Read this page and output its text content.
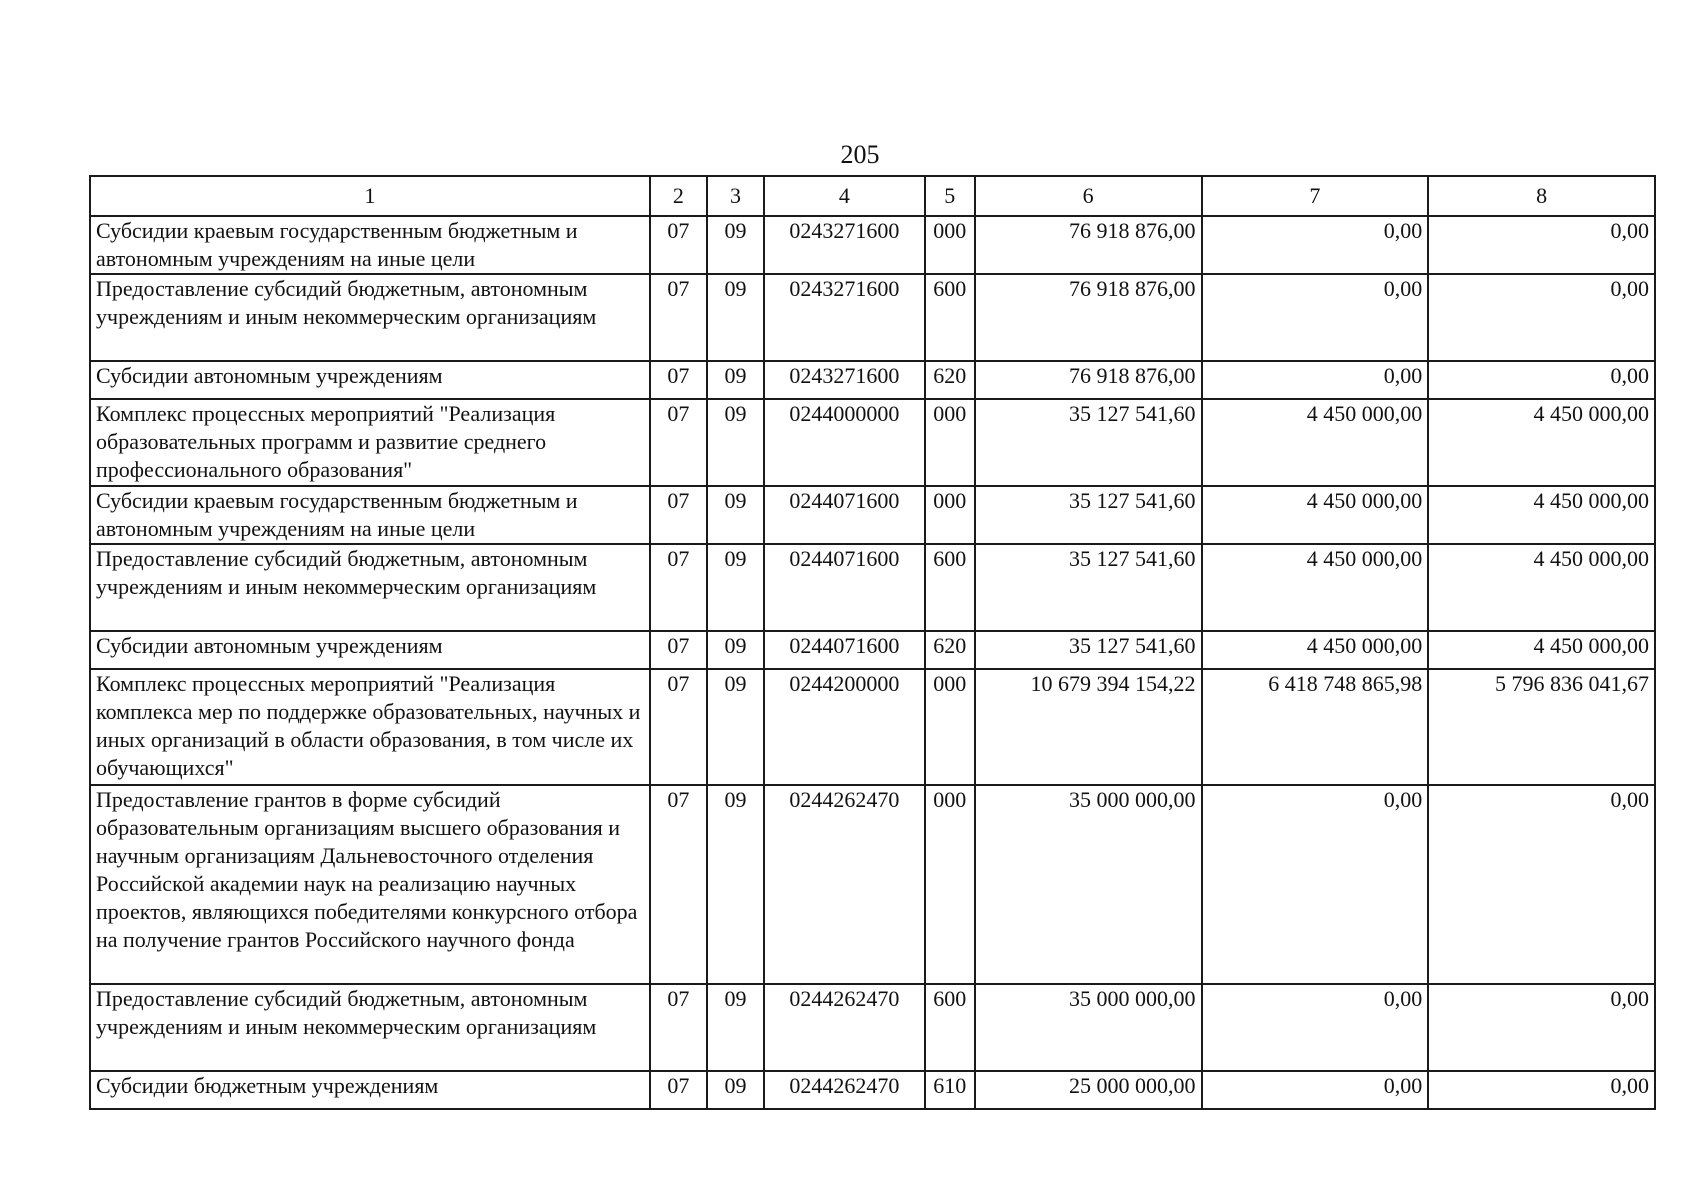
205
1	2	3	4	5	6	7	8
Субсидии краевым государственным бюджетным и автономным учреждениям на иные цели	07	09	0243271600	000	76 918 876,00	0,00	0,00
Предоставление субсидий бюджетным, автономным учреждениям и иным некоммерческим организациям	07	09	0243271600	600	76 918 876,00	0,00	0,00
Субсидии автономным учреждениям	07	09	0243271600	620	76 918 876,00	0,00	0,00
Комплекс процессных мероприятий "Реализация образовательных программ и развитие среднего профессионального образования"	07	09	0244000000	000	35 127 541,60	4 450 000,00	4 450 000,00
Субсидии краевым государственным бюджетным и автономным учреждениям на иные цели	07	09	0244071600	000	35 127 541,60	4 450 000,00	4 450 000,00
Предоставление субсидий бюджетным, автономным учреждениям и иным некоммерческим организациям	07	09	0244071600	600	35 127 541,60	4 450 000,00	4 450 000,00
Субсидии автономным учреждениям	07	09	0244071600	620	35 127 541,60	4 450 000,00	4 450 000,00
Комплекс процессных мероприятий "Реализация комплекса мер по поддержке образовательных, научных и иных организаций в области образования, в том числе их обучающихся"	07	09	0244200000	000	10 679 394 154,22	6 418 748 865,98	5 796 836 041,67
Предоставление грантов в форме субсидий образовательным организациям высшего образования и научным организациям Дальневосточного отделения Российской академии наук на реализацию научных проектов, являющихся победителями конкурсного отбора на получение грантов Российского научного фонда	07	09	0244262470	000	35 000 000,00	0,00	0,00
Предоставление субсидий бюджетным, автономным учреждениям и иным некоммерческим организациям	07	09	0244262470	600	35 000 000,00	0,00	0,00
Субсидии бюджетным учреждениям	07	09	0244262470	610	25 000 000,00	0,00	0,00
